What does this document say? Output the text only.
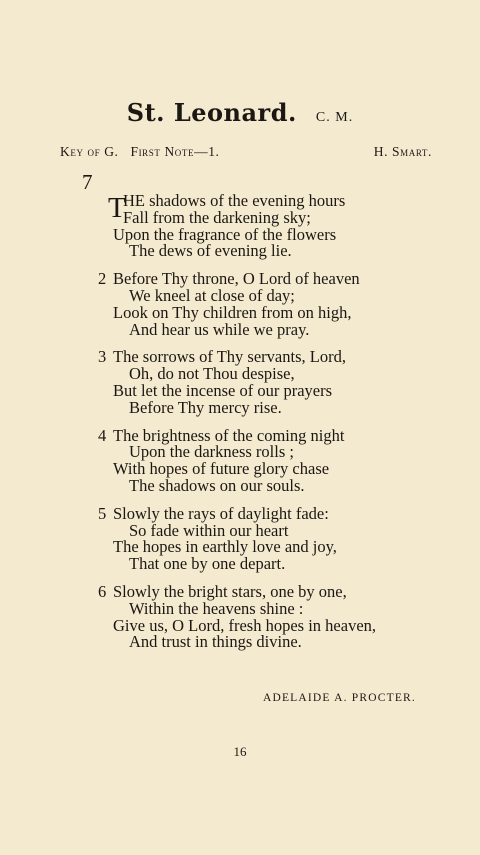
St. Leonard. C. M.
Key of G. First Note—1.	H. Smart.
7
T
HE shadows of the evening hours
Fall from the darkening sky;
Upon the fragrance of the flowers
The dews of evening lie.
2 Before Thy throne, O Lord of heaven
We kneel at close of day;
Look on Thy children from on high,
And hear us while we pray.
3 The sorrows of Thy servants, Lord,
Oh, do not Thou despise,
But let the incense of our prayers
Before Thy mercy rise.
4 The brightness of the coming night
Upon the darkness rolls ;
With hopes of future glory chase
The shadows on our souls.
5 Slowly the rays of daylight fade:
So fade within our heart
The hopes in earthly love and joy,
That one by one depart.
6 Slowly the bright stars, one by one,
Within the heavens shine :
Give us, O Lord, fresh hopes in heaven,
And trust in things divine.
ADELAIDE A. PROCTER.
16
